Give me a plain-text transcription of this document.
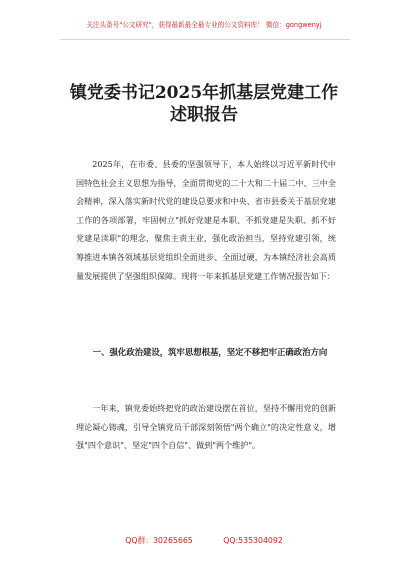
关注头条号"公文研究"，获得最新最全最专业的公文资料库！ 微信：gongwenyj
镇党委书记2025年抓基层党建工作述职报告

2025年，在市委、县委的坚强领导下，本人始终以习近平新时代中国特色社会主义思想为指导，全面贯彻党的二十大和二十届二中、三中全会精神，深入落实新时代党的建设总要求和中央、省市县委关于基层党建工作的各项部署，牢固树立"抓好党建是本职、不抓党建是失职、抓不好党建是渎职"的理念，聚焦主责主业，强化政治担当，坚持党建引领，统筹推进本镇各领域基层党组织全面进步、全面过硬，为本镇经济社会高质量发展提供了坚强组织保障。现将一年来抓基层党建工作情况报告如下：

一、强化政治建设，筑牢思想根基，坚定不移把牢正确政治方向

一年来，镇党委始终把党的政治建设摆在首位，坚持不懈用党的创新理论凝心铸魂，引导全镇党员干部深刻领悟"两个确立"的决定性意义，增强"四个意识"、坚定"四个自信"、做到"两个维护"。

QQ群：30265665	QQ:535304092
